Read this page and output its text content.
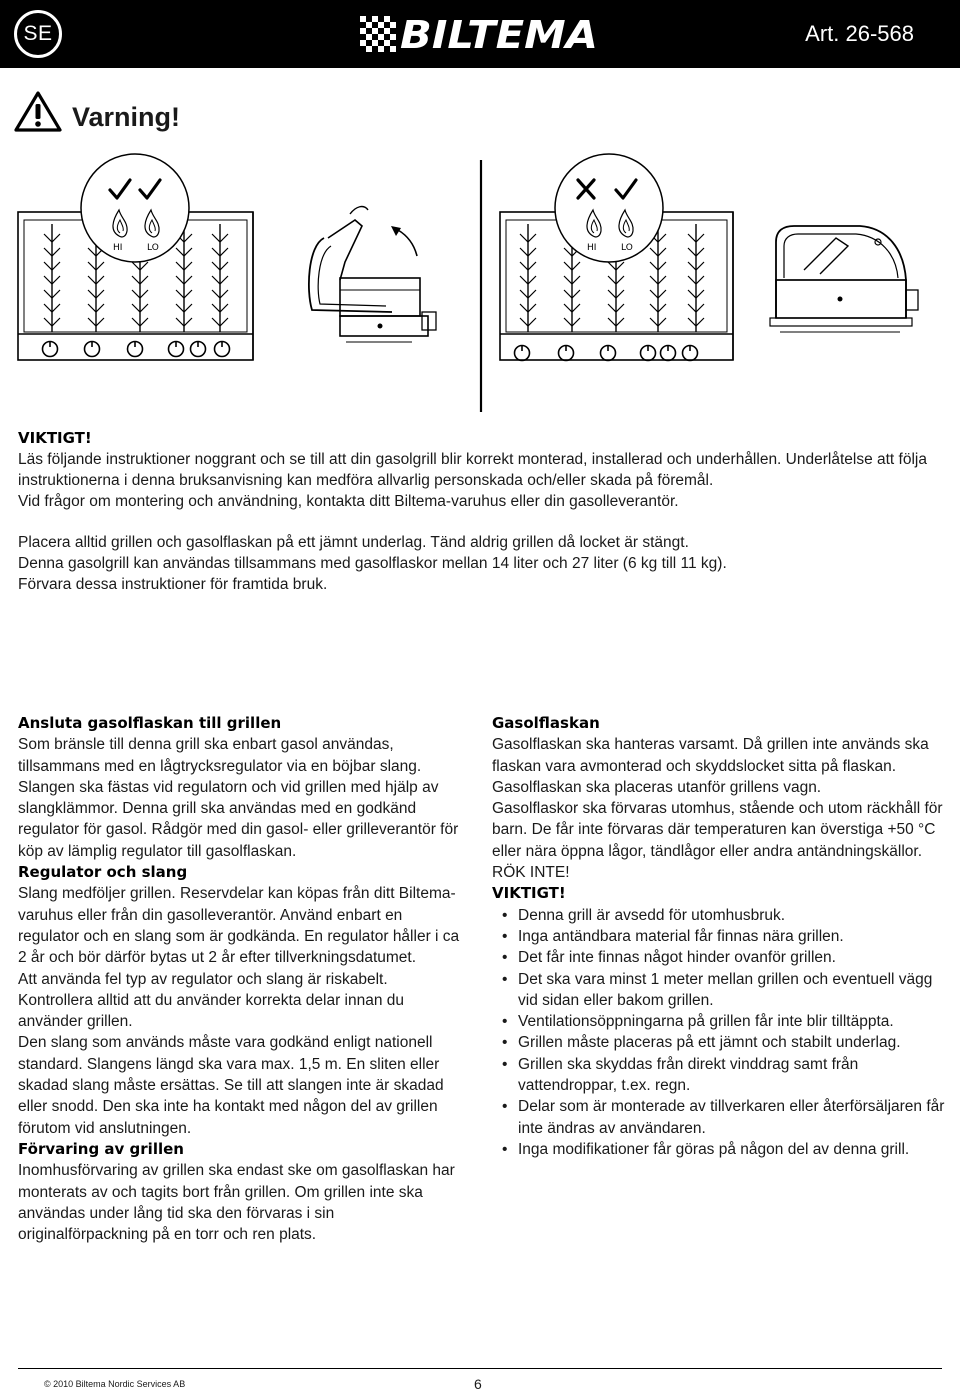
SE	BILTEMA	Art. 26-568
Varning!
HI	LO	HI	LO

VIKTIGT!

Läs följande instruktioner noggrant och se till att din gasolgrill blir korrekt monterad, installerad och underhållen. Underlåtelse att följa instruktionerna i denna bruksanvisning kan medföra allvarlig personskada och/eller skada på föremål.

Vid frågor om montering och användning, kontakta ditt Biltema-varuhus eller din gasolleverantör.

Placera alltid grillen och gasolflaskan på ett jämnt underlag. Tänd aldrig grillen då locket är stängt.

Denna gasolgrill kan användas tillsammans med gasolflaskor mellan 14 liter och 27 liter (6 kg till 11 kg).

Förvara dessa instruktioner för framtida bruk.

Ansluta gasolflaskan till grillen

Som bränsle till denna grill ska enbart gasol användas, tillsammans med en lågtrycksregulator via en böjbar slang. Slangen ska fästas vid regulatorn och vid grillen med hjälp av slangklämmor. Denna grill ska användas med en godkänd regulator för gasol. Rådgör med din gasol- eller grilleverantör för köp av lämplig regulator till gasolflaskan.

Regulator och slang

Slang medföljer grillen. Reservdelar kan köpas från ditt Biltema-varuhus eller från din gasolleverantör. Använd enbart en regulator och en slang som är godkända. En regulator håller i ca 2 år och bör därför bytas ut 2 år efter tillverkningsdatumet.

Att använda fel typ av regulator och slang är riskabelt. Kontrollera alltid att du använder korrekta delar innan du använder grillen.

Den slang som används måste vara godkänd enligt nationell standard. Slangens längd ska vara max. 1,5 m. En sliten eller skadad slang måste ersättas. Se till att slangen inte är skadad eller snodd. Den ska inte ha kontakt med någon del av grillen förutom vid anslutningen.

Förvaring av grillen

Inomhusförvaring av grillen ska endast ske om gasolflaskan har monterats av och tagits bort från grillen. Om grillen inte ska användas under lång tid ska den förvaras i sin originalförpackning på en torr och ren plats.

Gasolflaskan

Gasolflaskan ska hanteras varsamt. Då grillen inte används ska flaskan vara avmonterad och skyddslocket sitta på flaskan. Gasolflaskan ska placeras utanför grillens vagn.

Gasolflaskor ska förvaras utomhus, stående och utom räckhåll för barn. De får inte förvaras där temperaturen kan överstiga +50 °C eller nära öppna lågor, tändlågor eller andra antändningskällor. RÖK INTE!

VIKTIGT!

• Denna grill är avsedd för utomhusbruk.
• Inga antändbara material får finnas nära grillen.
• Det får inte finnas något hinder ovanför grillen.
• Det ska vara minst 1 meter mellan grillen och eventuell vägg vid sidan eller bakom grillen.
• Ventilationsöppningarna på grillen får inte blir tilltäppta.
• Grillen måste placeras på ett jämnt och stabilt underlag.
• Grillen ska skyddas från direkt vinddrag samt från vattendroppar, t.ex. regn.
• Delar som är monterade av tillverkaren eller återförsäljaren får inte ändras av användaren.
• Inga modifikationer får göras på någon del av denna grill.
© 2010 Biltema Nordic Services AB	6
